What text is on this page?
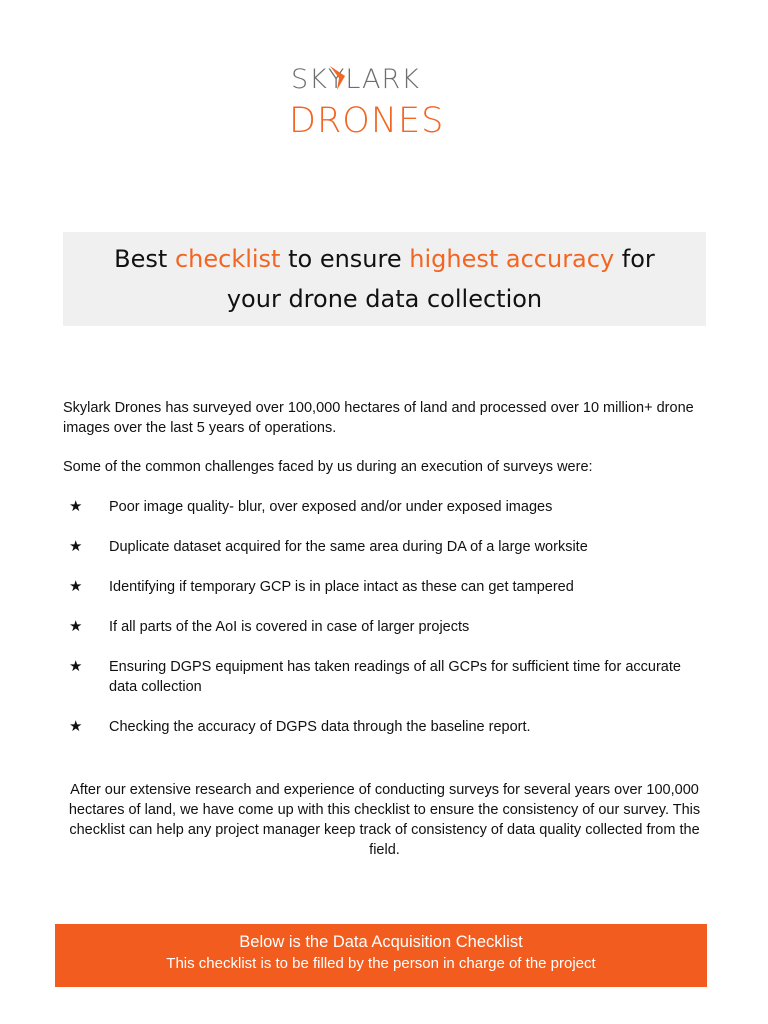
SKYLARK
DRONES
Best checklist to ensure highest accuracy for
your drone data collection
Skylark Drones has surveyed over 100,000 hectares of land and processed over 10 million+ drone images over the last 5 years of operations.
Some of the common challenges faced by us during an execution of surveys were:
★ Poor image quality- blur, over exposed and/or under exposed images
★ Duplicate dataset acquired for the same area during DA of a large worksite
★ Identifying if temporary GCP is in place intact as these can get tampered
★ If all parts of the AoI is covered in case of larger projects
★ Ensuring DGPS equipment has taken readings of all GCPs for sufficient time for accurate data collection
★ Checking the accuracy of DGPS data through the baseline report.
After our extensive research and experience of conducting surveys for several years over 100,000 hectares of land, we have come up with this checklist to ensure the consistency of our survey. This checklist can help any project manager keep track of consistency of data quality collected from the field.
Below is the Data Acquisition Checklist
This checklist is to be filled by the person in charge of the project
